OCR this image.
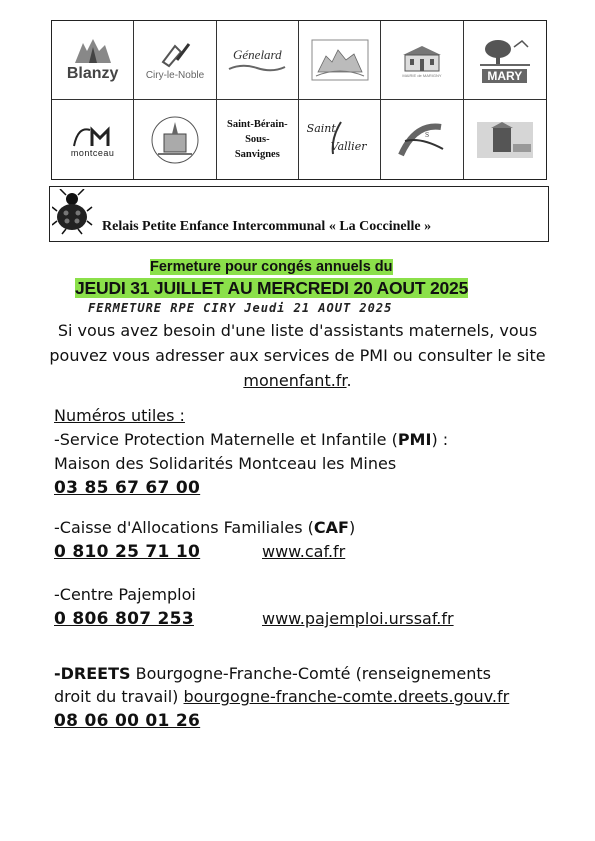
Blanzy	Ciry-le-Noble
Génelard
MAIRIE de MARIGNY	MARY
montceau
Saint-Bérain-
Sous-
Sanvignes
Saint
Vallier
S
Relais Petite Enfance Intercommunal « La Coccinelle »
Fermeture pour congés annuels du
JEUDI 31 JUILLET AU MERCREDI 20 AOUT 2025
FERMETURE RPE CIRY Jeudi 21 AOUT 2025
Si vous avez besoin d'une liste d'assistants maternels, vous pouvez vous adresser aux services de PMI ou consulter le site monenfant.fr.
Numéros utiles :
-Service Protection Maternelle et Infantile (PMI) :
Maison des Solidarités Montceau les Mines
03 85 67 67 00
-Caisse d'Allocations Familiales (CAF)
0 810 25 71 10	www.caf.fr
-Centre Pajemploi
0 806 807 253	www.pajemploi.urssaf.fr
-DREETS Bourgogne-Franche-Comté (renseignements
droit du travail) bourgogne-franche-comte.dreets.gouv.fr
08 06 00 01 26
